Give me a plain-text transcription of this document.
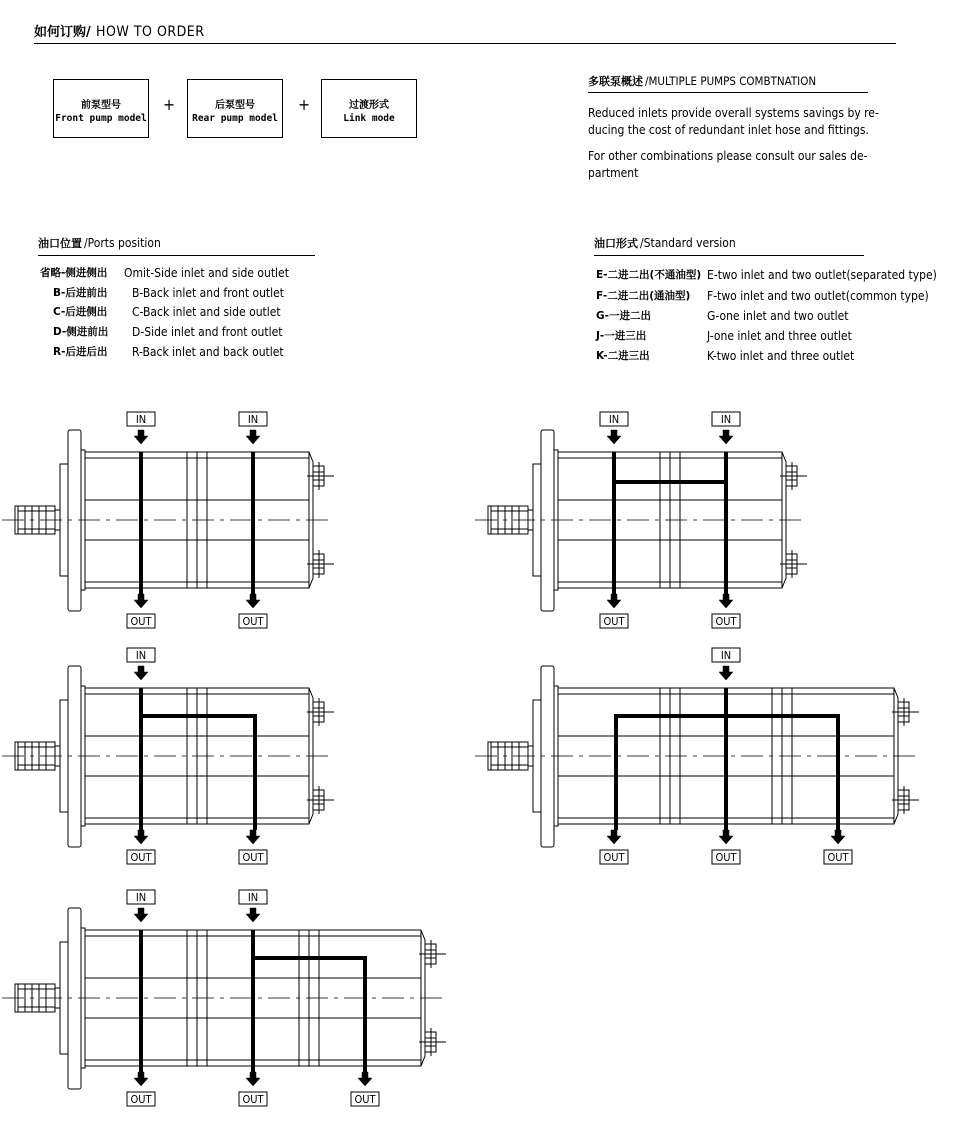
如何订购/ HOW TO ORDER
前泵型号
Front pump model
+	后泵型号
Rear pump model
+	过渡形式
Link mode
多联泵概述 /MULTIPLE PUMPS COMBTNATION
Reduced inlets provide overall systems savings by re-
ducing the cost of redundant inlet hose and fittings.
For other combinations please consult our sales de-
partment
油口位置 /Ports position
省略-侧进侧出 Omit-Side inlet and side outlet
B-后进前出 B-Back inlet and front outlet
C-后进侧出 C-Back inlet and side outlet
D-侧进前出 D-Side inlet and front outlet
R-后进后出 R-Back inlet and back outlet
油口形式 /Standard version
E-二进二出(不通油型) E-two inlet and two outlet(separated type)
F-二进二出(通油型) F-two inlet and two outlet(common type)
G-一进二出	G-one inlet and two outlet
J-一进三出	J-one inlet and three outlet
K-二进三出	K-two inlet and three outlet
IN	IN
OUT	OUT
IN	IN
OUT	OUT
IN
OUT	OUT
IN
OUT	OUT	OUT
IN	IN
OUT	OUT	OUT
